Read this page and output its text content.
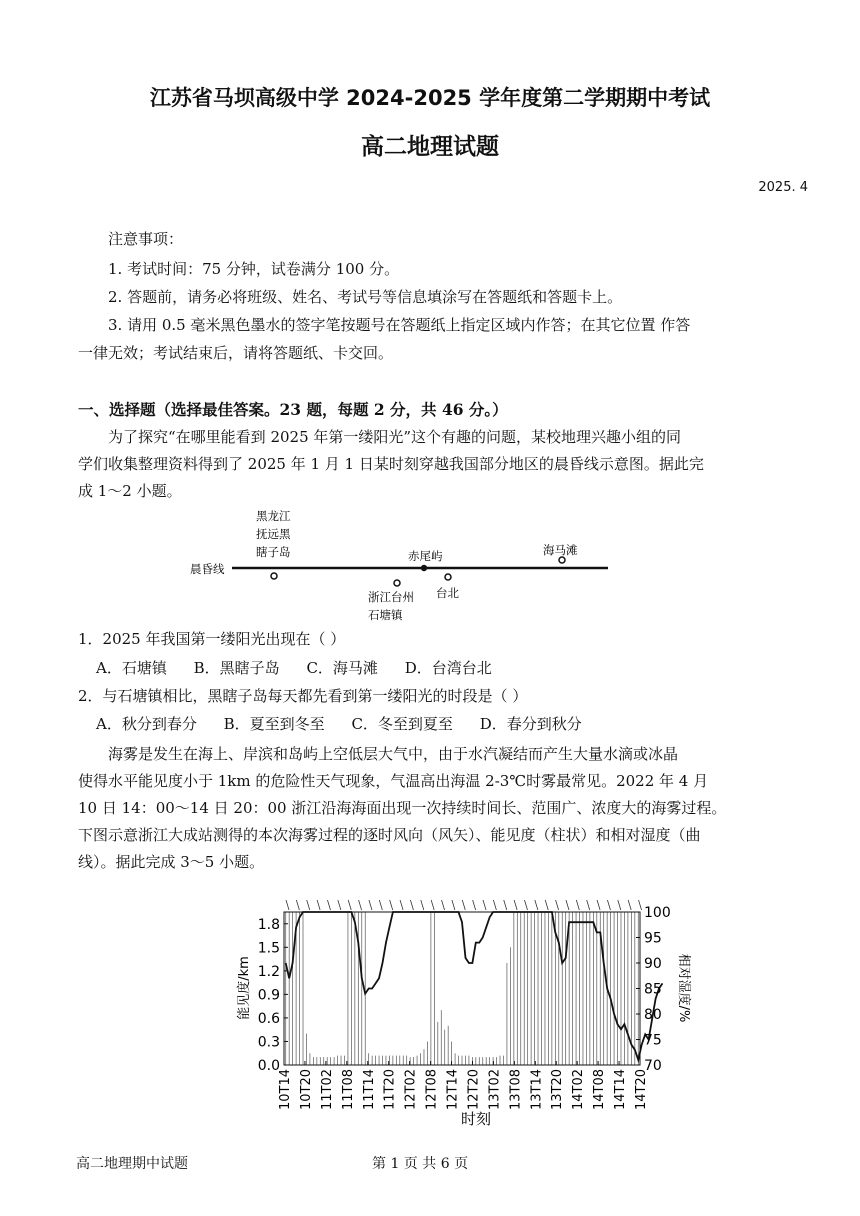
江苏省马坝高级中学 2024-2025 学年度第二学期期中考试
高二地理试题
2025. 4
注意事项：
1. 考试时间：75 分钟，试卷满分 100 分。
2. 答题前，请务必将班级、姓名、考试号等信息填涂写在答题纸和答题卡上。
3. 请用 0.5 毫米黑色墨水的签字笔按题号在答题纸上指定区域内作答；在其它位置 作答
一律无效；考试结束后，请将答题纸、卡交回。
一、选择题（选择最佳答案。23 题，每题 2 分，共 46 分。）
为了探究“在哪里能看到 2025 年第一缕阳光”这个有趣的问题，某校地理兴趣小组的同
学们收集整理资料得到了 2025 年 1 月 1 日某时刻穿越我国部分地区的晨昏线示意图。据此完
成 1～2 小题。
晨昏线
黑龙江
抚远黑
瞎子岛	赤尾屿	海马滩
浙江台州
石塘镇
台北
1．2025 年我国第一缕阳光出现在（ ）
A．石塘镇 B．黑瞎子岛 C．海马滩 D．台湾台北
2．与石塘镇相比，黑瞎子岛每天都先看到第一缕阳光的时段是（ ）
A．秋分到春分 B．夏至到冬至 C．冬至到夏至 D．春分到秋分
海雾是发生在海上、岸滨和岛屿上空低层大气中，由于水汽凝结而产生大量水滴或冰晶
使得水平能见度小于 1km 的危险性天气现象，气温高出海温 2-3℃时雾最常见。2022 年 4 月
10 日 14：00～14 日 20：00 浙江沿海海面出现一次持续时间长、范围广、浓度大的海雾过程。
下图示意浙江大成站测得的本次海雾过程的逐时风向（风矢）、能见度（柱状）和相对湿度（曲
线）。据此完成 3～5 小题。
0.0
0.3
0.6
0.9
1.2
1.5
1.8
70
75
80
85
90
95
100
10T14 10T20 11T02 11T08 11T14 11T20 12T02 12T08 12T14 12T20 13T02 13T08 13T14 13T20 14T02 14T08 14T14 14T20
能见度/km	相对湿度/%
时刻
高二地理期中试题	第 1 页 共 6 页
